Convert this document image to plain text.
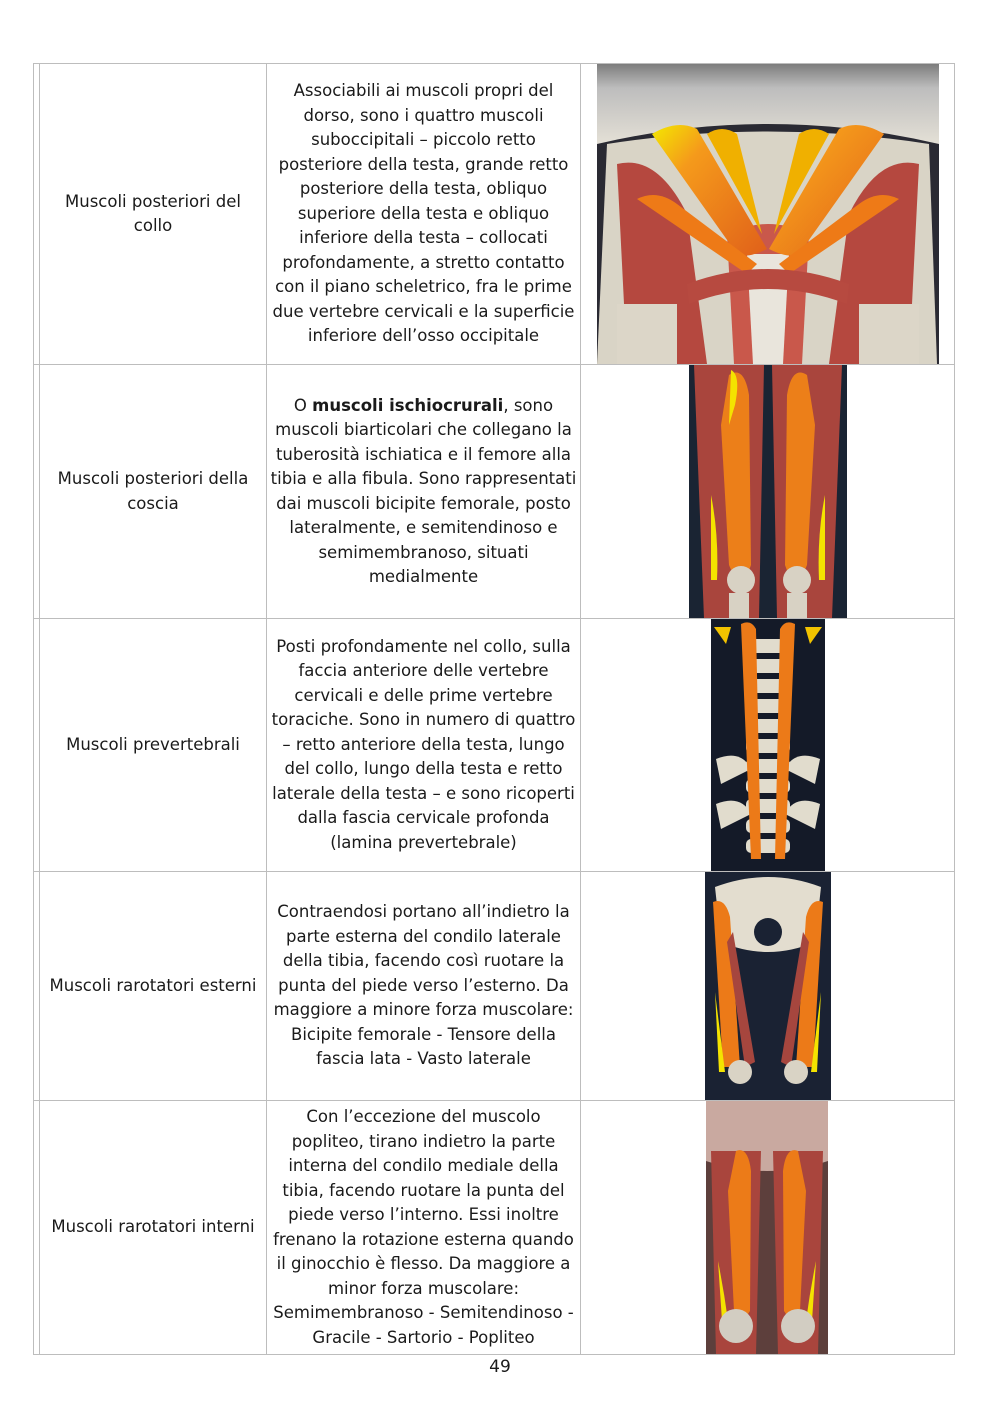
Muscoli posteriori del collo
Associabili ai muscoli propri del dorso, sono i quattro muscoli suboccipitali – piccolo retto posteriore della testa, grande retto posteriore della testa, obliquo superiore della testa e obliquo inferiore della testa – collocati profondamente, a stretto contatto con il piano scheletrico, fra le prime due vertebre cervicali e la superficie inferiore dell’osso occipitale
Muscoli posteriori della coscia
O muscoli ischiocrurali, sono muscoli biarticolari che collegano la tuberosità ischiatica e il femore alla tibia e alla fibula. Sono rappresentati dai muscoli bicipite femorale, posto lateralmente, e semitendinoso e semimembranoso, situati medialmente
Muscoli prevertebrali
Posti profondamente nel collo, sulla faccia anteriore delle vertebre cervicali e delle prime vertebre toraciche. Sono in numero di quattro – retto anteriore della testa, lungo del collo, lungo della testa e retto laterale della testa – e sono ricoperti dalla fascia cervicale profonda (lamina prevertebrale)
Muscoli rarotatori esterni
Contraendosi portano all’indietro la parte esterna del condilo laterale della tibia, facendo così ruotare la punta del piede verso l’esterno. Da maggiore a minore forza muscolare: Bicipite femorale - Tensore della fascia lata - Vasto laterale
Muscoli rarotatori interni
Con l’eccezione del muscolo popliteo, tirano indietro la parte interna del condilo mediale della tibia, facendo ruotare la punta del piede verso l’interno. Essi inoltre frenano la rotazione esterna quando il ginocchio è flesso. Da maggiore a minor forza muscolare: Semimembranoso - Semitendinoso - Gracile - Sartorio - Popliteo
49
